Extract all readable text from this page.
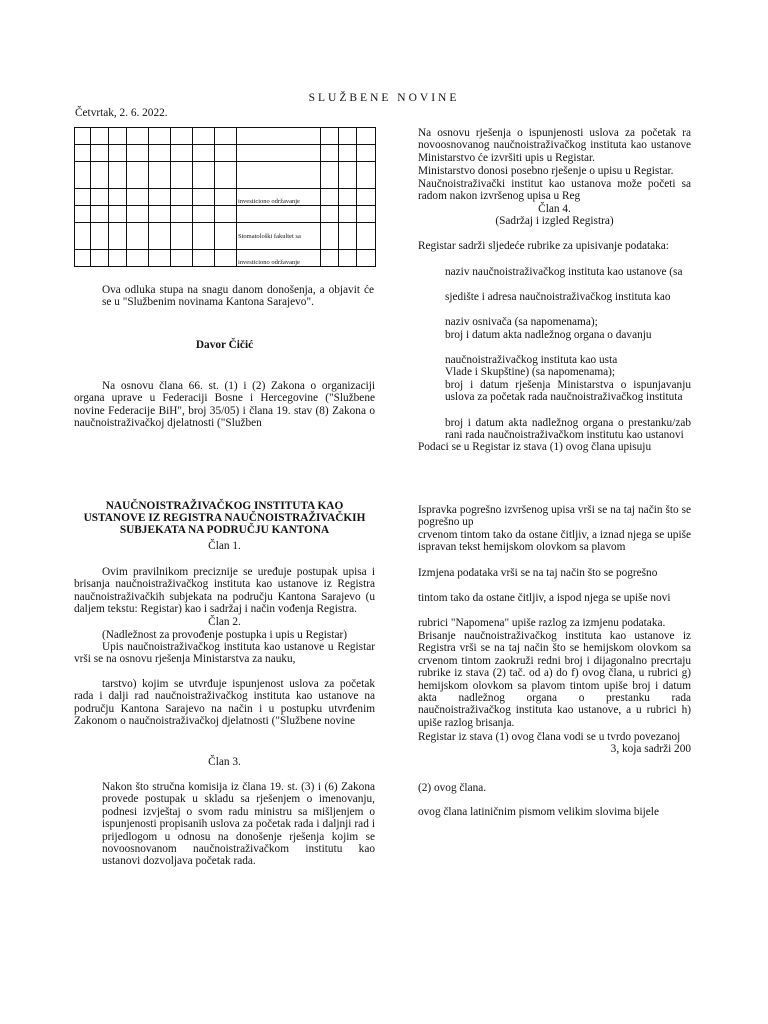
SLUŽBENE NOVINE
Četvrtak, 2. 6. 2022.

								investiciono održavanje			

								Stomatološki fakultet sa			
								investiciono održavanje			
Ova odluka stupa na snagu danom donošenja, a objavit će se u "Službenim novinama Kantona Sarajevo".
Davor Čičić
Na osnovu člana 66. st. (1) i (2) Zakona o organizaciji organa uprave u Federaciji Bosne i Hercegovine ("Službene novine Federacije BiH", broj 35/05) i člana 19. stav (8) Zakona o naučnoistraživačkoj djelatnosti ("Služben
NAUČNOISTRAŽIVAČKOG INSTITUTA KAO
USTANOVE IZ REGISTRA NAUČNOISTRAŽIVAČKIH
SUBJEKATA NA PODRUČJU KANTONA
Član 1.
Ovim pravilnikom precizniје se uređuje postupak upisa i brisanja naučnoistraživačkog instituta kao ustanove iz Registra naučnoistraživačkih subjekata na području Kantona Sarajevo (u daljem tekstu: Registar) kao i sadržaj i način vođenja Registra.
Član 2.
(Nadležnost za provođenje postupka i upis u Registar)
Upis naučnoistraživačkog instituta kao ustanove u Registar vrši se na osnovu rješenja Ministarstva za nauku,
tarstvo) kojim se utvrđuje ispunjenost uslova za početak rada i dalji rad naučnoistraživačkog instituta kao ustanove na području Kantona Sarajevo na način i u postupku utvrđenim Zakonom o naučnoistraživačkoj djelatnosti ("Službene novine
Član 3.
Nakon što stručna komisija iz člana 19. st. (3) i (6) Zakona provede postupak u skladu sa rješenjem o imenovanju, podnesi izvještaj o svom radu ministru sa mišljenjem o ispunjenosti propisanih uslova za početak rada i daljnji rad i prijedlogom u odnosu na donošenje rješenja kojim se novoosnovanom naučnoistraživačkom institutu kao ustanovi dozvoljava početak rada.
Na osnovu rješenja o ispunjenosti uslova za početak ra novoosnovanog naučnoistraživačkog instituta kao ustanove Ministarstvo će izvršiti upis u Registar.
Ministarstvo donosi posebno rješenje o upisu u Registar.
Naučnoistraživački institut kao ustanova može početi sa radom nakon izvršenog upisa u Reg
Član 4.
(Sadržaj i izgled Registra)
Registar sadrži sljedeće rubrike za upisivanje podataka:
naziv naučnoistraživačkog instituta kao ustanove (sa
sjedište i adresa naučnoistraživačkog instituta kao
naziv osnivača (sa napomenama);
broj i datum akta nadležnog organa o davanju
naučnoistraživačkog instituta kao usta
Vlade i Skupštine) (sa napomenama);
broj i datum rješenja Ministarstva o ispunjavanju uslova za početak rada naučnoistraživačkog instituta
broj i datum akta nadležnog organa o prestanku/zab rani rada naučnoistraživačkom institutu kao ustanovi
Podaci se u Registar iz stava (1) ovog člana upisuju
Ispravka pogrešno izvršenog upisa vrši se na taj način što se pogrešno up
crvenom tintom tako da ostane čitljiv, a iznad njega se upiše ispravan tekst hemijskom olovkom sa plavom
Izmjena podataka vrši se na taj način što se pogrešno
tintom tako da ostane čitljiv, a ispod njega se upiše novi
rubrici "Napomena" upiše razlog za izmjenu podataka.
Brisanje naučnoistraživačkog instituta kao ustanove iz Registra vrši se na taj način što se hemijskom olovkom sa crvenom tintom zaokruži redni broj i dijagonalno precrtaju rubrike iz stava (2) tač. od a) do f) ovog člana, u rubrici g) hemijskom olovkom sa plavom tintom upiše broj i datum akta nadležnog organa o prestanku rada naučnoistraživačkog instituta kao ustanove, a u rubrici h) upiše razlog brisanja.
Registar iz stava (1) ovog člana vodi se u tvrdo povezanoj
3, koja sadrži 200
(2) ovog člana.
ovog člana latiničnim pismom velikim slovima bijele
